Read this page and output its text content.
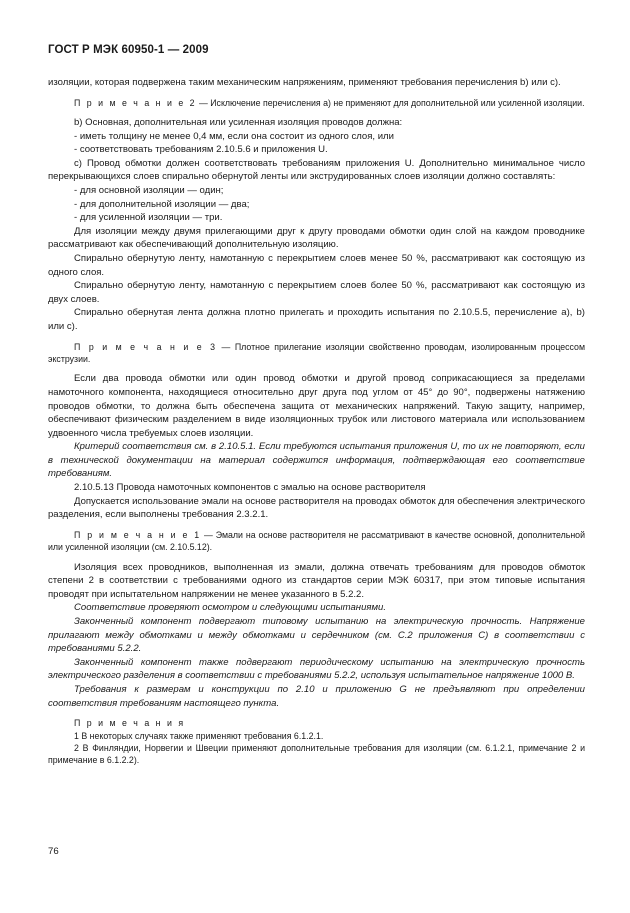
ГОСТ Р МЭК 60950-1 — 2009

изоляции, которая подвержена таким механическим напряжениям, применяют требования перечисления b) или c).

П р и м е ч а н и е 2 — Исключение перечисления a) не применяют для дополнительной или усиленной изоляции.

b) Основная, дополнительная или усиленная изоляция проводов должна:

- иметь толщину не менее 0,4 мм, если она состоит из одного слоя, или

- соответствовать требованиям 2.10.5.6 и приложения U.

c) Провод обмотки должен соответствовать требованиям приложения U. Дополнительно минимальное число перекрывающихся слоев спирально обернутой ленты или экструдированных слоев изоляции должно составлять:

- для основной изоляции — один;

- для дополнительной изоляции — два;

- для усиленной изоляции — три.

Для изоляции между двумя прилегающими друг к другу проводами обмотки один слой на каждом проводнике рассматривают как обеспечивающий дополнительную изоляцию.

Спирально обернутую ленту, намотанную с перекрытием слоев менее 50 %, рассматривают как состоящую из одного слоя.

Спирально обернутую ленту, намотанную с перекрытием слоев более 50 %, рассматривают как состоящую из двух слоев.

Спирально обернутая лента должна плотно прилегать и проходить испытания по 2.10.5.5, перечисление a), b) или c).

П р и м е ч а н и е 3 — Плотное прилегание изоляции свойственно проводам, изолированным процессом экструзии.

Если два провода обмотки или один провод обмотки и другой провод соприкасающиеся за пределами намоточного компонента, находящиеся относительно друг друга под углом от 45° до 90°, подвержены натяжению проводов обмотки, то должна быть обеспечена защита от механических напряжений. Такую защиту, например, обеспечивают физическим разделением в виде изоляционных трубок или листового материала или использованием удвоенного числа требуемых слоев изоляции.

Критерий соответствия см. в 2.10.5.1. Если требуются испытания приложения U, то их не повторяют, если в технической документации на материал содержится информация, подтверждающая его соответствие требованиям.

2.10.5.13 Провода намоточных компонентов с эмалью на основе растворителя

Допускается использование эмали на основе растворителя на проводах обмоток для обеспечения электрического разделения, если выполнены требования 2.3.2.1.

П р и м е ч а н и е 1 — Эмали на основе растворителя не рассматривают в качестве основной, дополнительной или усиленной изоляции (см. 2.10.5.12).

Изоляция всех проводников, выполненная из эмали, должна отвечать требованиям для проводов обмоток степени 2 в соответствии с требованиями одного из стандартов серии МЭК 60317, при этом типовые испытания проводят при испытательном напряжении не менее указанного в 5.2.2.

Соответствие проверяют осмотром и следующими испытаниями.

Законченный компонент подвергают типовому испытанию на электрическую прочность. Напряжение прилагают между обмотками и между обмотками и сердечником (см. С.2 приложения С) в соответствии с требованиями 5.2.2.

Законченный компонент также подвергают периодическому испытанию на электрическую прочность электрического разделения в соответствии с требованиями 5.2.2, используя испытательное напряжение 1000 В.

Требования к размерам и конструкции по 2.10 и приложению G не предъявляют при определении соответствия требованиям настоящего пункта.

П р и м е ч а н и я

1 В некоторых случаях также применяют требования 6.1.2.1.

2 В Финляндии, Норвегии и Швеции применяют дополнительные требования для изоляции (см. 6.1.2.1, примечание 2 и примечание в 6.1.2.2).

76
